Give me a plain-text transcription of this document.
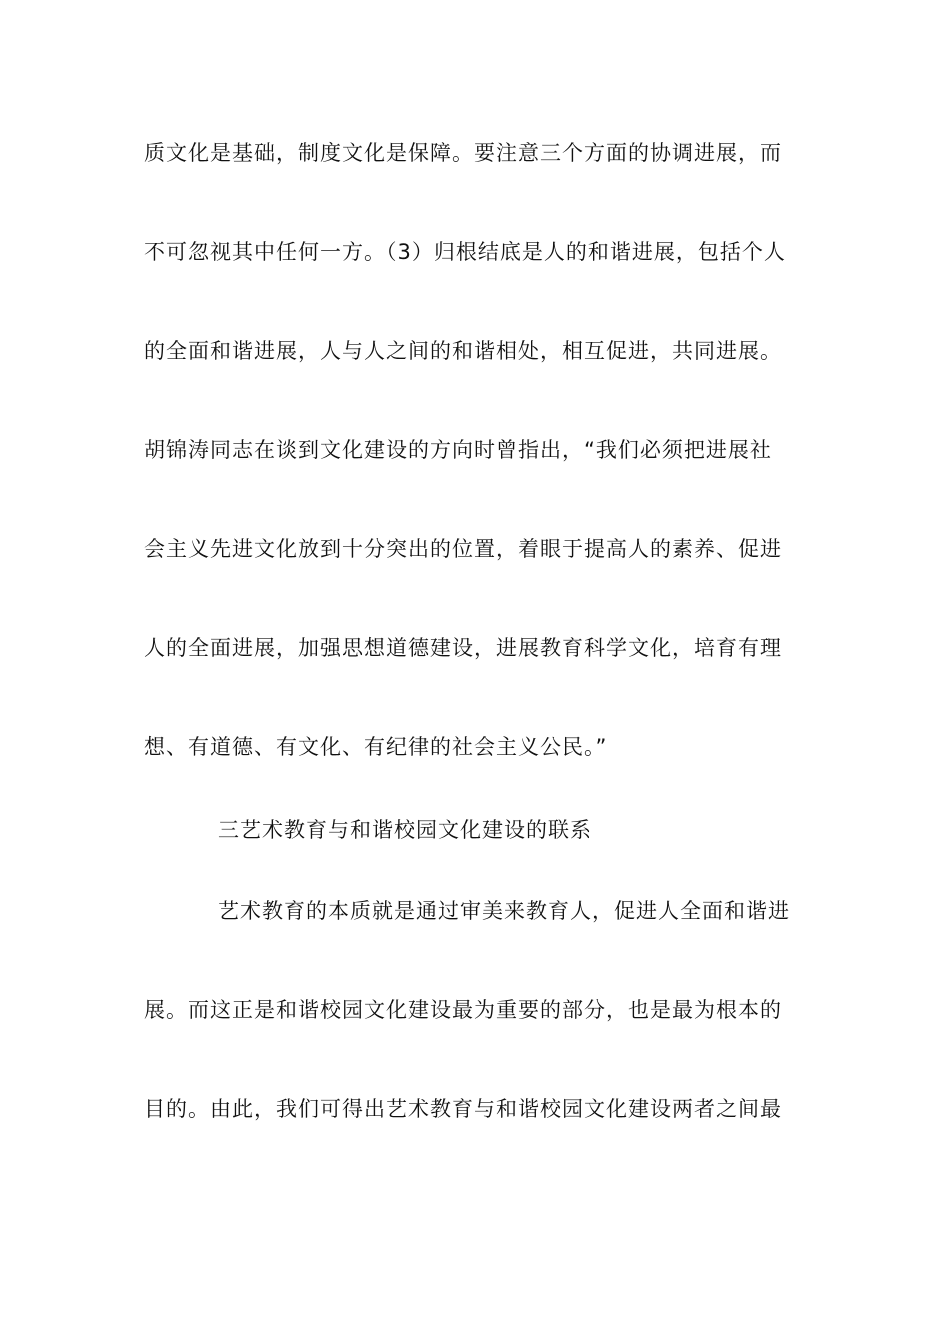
质文化是基础，制度文化是保障。要注意三个方面的协调进展，而
不可忽视其中任何一方。（3）归根结底是人的和谐进展，包括个人
的全面和谐进展，人与人之间的和谐相处，相互促进，共同进展。
胡锦涛同志在谈到文化建设的方向时曾指出，“我们必须把进展社
会主义先进文化放到十分突出的位置，着眼于提高人的素养、促进
人的全面进展，加强思想道德建设，进展教育科学文化，培育有理
想、有道德、有文化、有纪律的社会主义公民。”
三艺术教育与和谐校园文化建设的联系
艺术教育的本质就是通过审美来教育人，促进人全面和谐进
展。而这正是和谐校园文化建设最为重要的部分，也是最为根本的
目的。由此，我们可得出艺术教育与和谐校园文化建设两者之间最
